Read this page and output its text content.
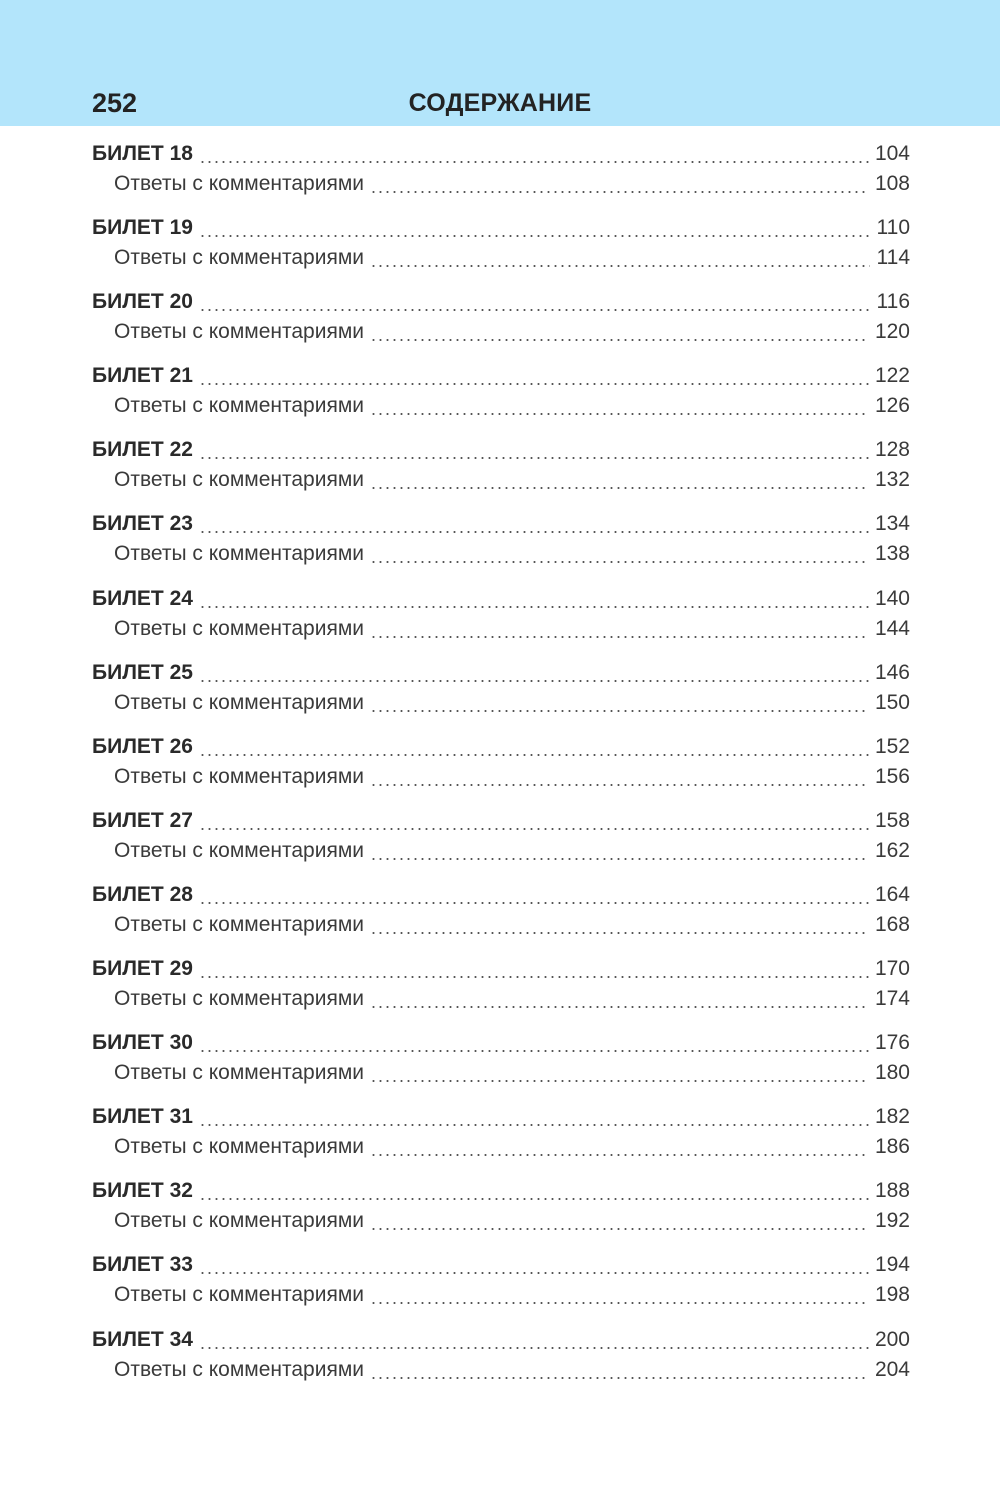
252	СОДЕРЖАНИЕ
БИЛЕТ 18	104
Ответы с комментариями	108
БИЛЕТ 19	110
Ответы с комментариями	114
БИЛЕТ 20	116
Ответы с комментариями	120
БИЛЕТ 21	122
Ответы с комментариями	126
БИЛЕТ 22	128
Ответы с комментариями	132
БИЛЕТ 23	134
Ответы с комментариями	138
БИЛЕТ 24	140
Ответы с комментариями	144
БИЛЕТ 25	146
Ответы с комментариями	150
БИЛЕТ 26	152
Ответы с комментариями	156
БИЛЕТ 27	158
Ответы с комментариями	162
БИЛЕТ 28	164
Ответы с комментариями	168
БИЛЕТ 29	170
Ответы с комментариями	174
БИЛЕТ 30	176
Ответы с комментариями	180
БИЛЕТ 31	182
Ответы с комментариями	186
БИЛЕТ 32	188
Ответы с комментариями	192
БИЛЕТ 33	194
Ответы с комментариями	198
БИЛЕТ 34	200
Ответы с комментариями	204
